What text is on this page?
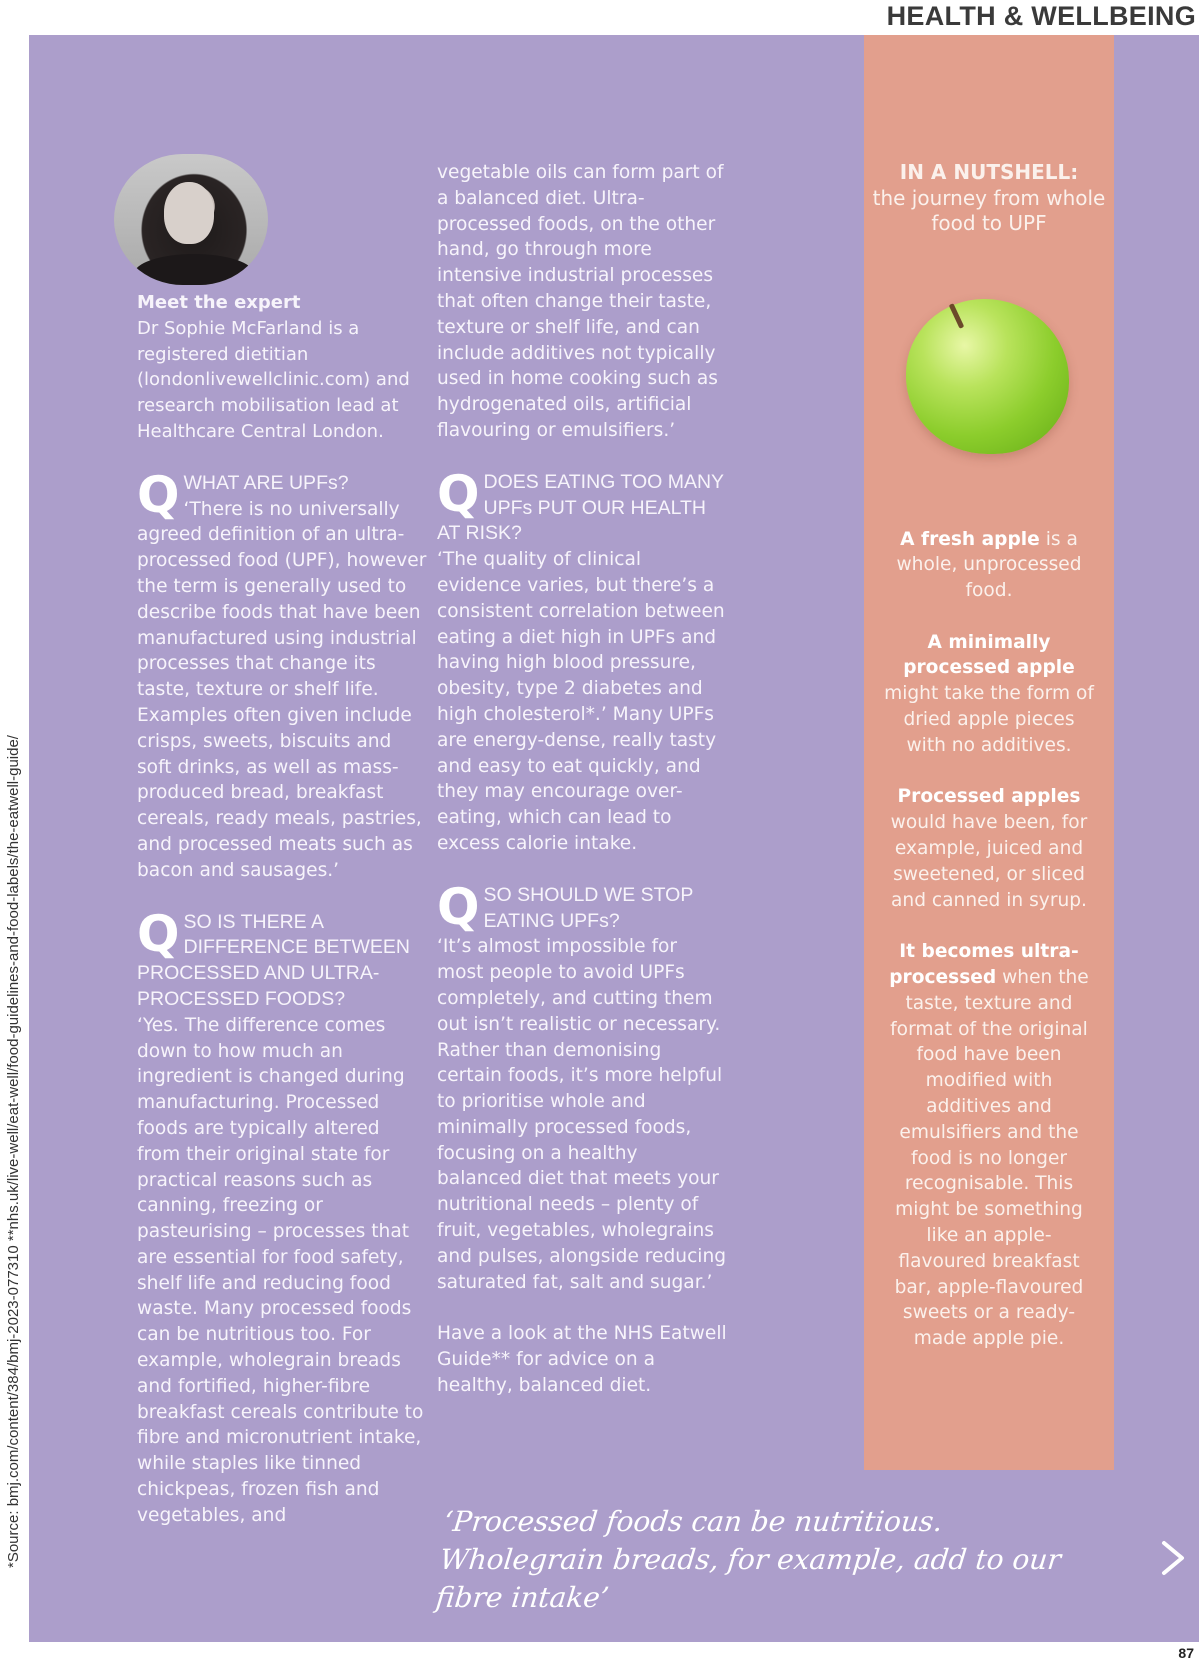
HEALTH & WELLBEING
*Source: bmj.com/content/384/bmj-2023-077310 **nhs.uk/live-well/eat-well/food-guidelines-and-food-labels/the-eatwell-guide/
Meet the expert
Dr Sophie McFarland is a registered dietitian (londonlivewellclinic.com) and research mobilisation lead at Healthcare Central London.
Q WHAT ARE UPFs?
‘There is no universally agreed definition of an ultra-processed food (UPF), however the term is generally used to describe foods that have been manufactured using industrial processes that change its taste, texture or shelf life. Examples often given include crisps, sweets, biscuits and soft drinks, as well as mass-produced bread, breakfast cereals, ready meals, pastries, and processed meats such as bacon and sausages.’
Q SO IS THERE A DIFFERENCE BETWEEN PROCESSED AND ULTRA-PROCESSED FOODS?
‘Yes. The difference comes down to how much an ingredient is changed during manufacturing. Processed foods are typically altered from their original state for practical reasons such as canning, freezing or pasteurising – processes that are essential for food safety, shelf life and reducing food waste. Many processed foods can be nutritious too. For example, wholegrain breads and fortified, higher-fibre breakfast cereals contribute to fibre and micronutrient intake, while staples like tinned chickpeas, frozen fish and vegetables, and
vegetable oils can form part of a balanced diet. Ultra-processed foods, on the other hand, go through more intensive industrial processes that often change their taste, texture or shelf life, and can include additives not typically used in home cooking such as hydrogenated oils, artificial flavouring or emulsifiers.’
Q DOES EATING TOO MANY UPFs PUT OUR HEALTH AT RISK?
‘The quality of clinical evidence varies, but there’s a consistent correlation between eating a diet high in UPFs and having high blood pressure, obesity, type 2 diabetes and high cholesterol*.’ Many UPFs are energy-dense, really tasty and easy to eat quickly, and they may encourage over-eating, which can lead to excess calorie intake.
Q SO SHOULD WE STOP EATING UPFs?
‘It’s almost impossible for most people to avoid UPFs completely, and cutting them out isn’t realistic or necessary. Rather than demonising certain foods, it’s more helpful to prioritise whole and minimally processed foods, focusing on a healthy balanced diet that meets your nutritional needs – plenty of fruit, vegetables, wholegrains and pulses, alongside reducing saturated fat, salt and sugar.’
Have a look at the NHS Eatwell Guide** for advice on a healthy, balanced diet.
IN A NUTSHELL:
the journey from whole food to UPF
A fresh apple is a whole, unprocessed food.
A minimally processed apple might take the form of dried apple pieces with no additives.
Processed apples would have been, for example, juiced and sweetened, or sliced and canned in syrup.
It becomes ultra-processed when the taste, texture and format of the original food have been modified with additives and emulsifiers and the food is no longer recognisable. This might be something like an apple-flavoured breakfast bar, apple-flavoured sweets or a ready-made apple pie.
‘Processed foods can be nutritious. Wholegrain breads, for example, add to our fibre intake’
87
